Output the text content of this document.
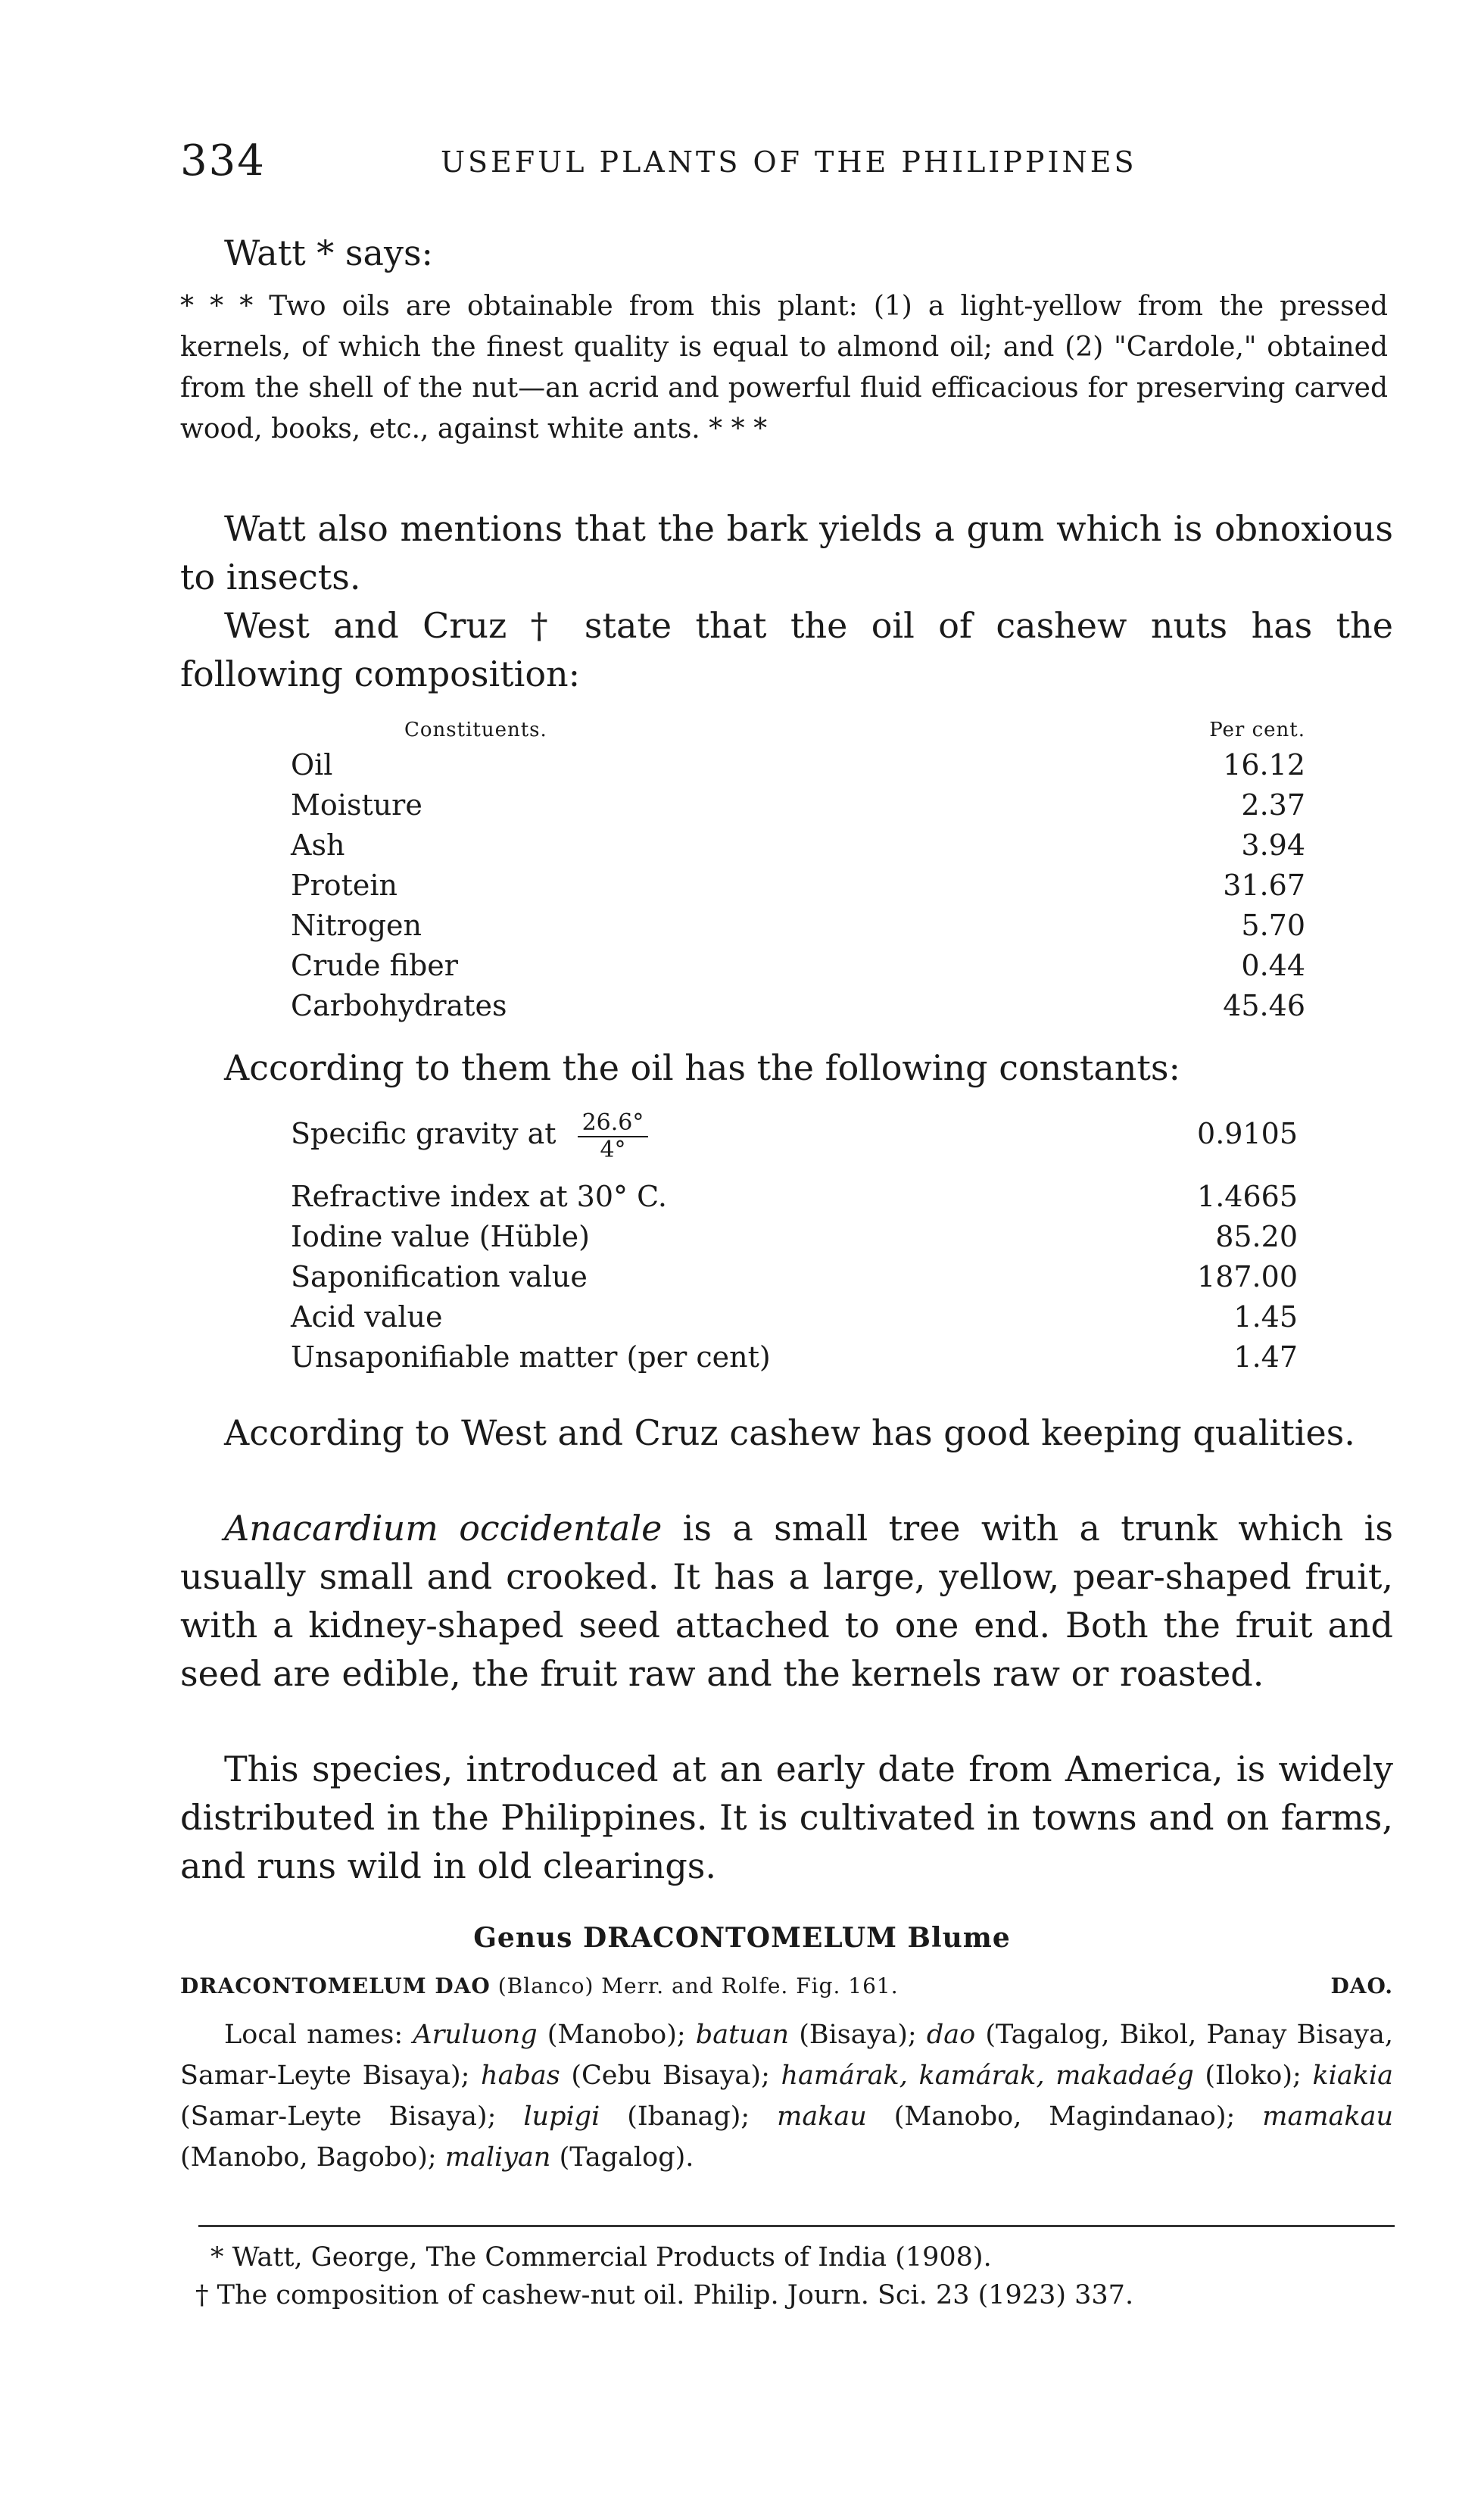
334	USEFUL PLANTS OF THE PHILIPPINES

Watt * says:

* * * Two oils are obtainable from this plant: (1) a light-yellow from the pressed kernels, of which the finest quality is equal to almond oil; and (2) "Cardole," obtained from the shell of the nut—an acrid and powerful fluid efficacious for preserving carved wood, books, etc., against white ants. * * *

Watt also mentions that the bark yields a gum which is obnoxious to insects.

West and Cruz † state that the oil of cashew nuts has the following composition:

Constituents.	Per cent.
Oil	16.12
Moisture	2.37
Ash	3.94
Protein	31.67
Nitrogen	5.70
Crude fiber	0.44
Carbohydrates	45.46

According to them the oil has the following constants:

Specific gravity at $\frac{26.6^\circ}{4^\circ}$	0.9105
Refractive index at 30° C.	1.4665
Iodine value (Hüble)	85.20
Saponification value	187.00
Acid value	1.45
Unsaponifiable matter (per cent)	1.47

According to West and Cruz cashew has good keeping qualities.

Anacardium occidentale is a small tree with a trunk which is usually small and crooked. It has a large, yellow, pear-shaped fruit, with a kidney-shaped seed attached to one end. Both the fruit and seed are edible, the fruit raw and the kernels raw or roasted.

This species, introduced at an early date from America, is widely distributed in the Philippines. It is cultivated in towns and on farms, and runs wild in old clearings.

Genus DRACONTOMELUM Blume
DRACONTOMELUM DAO (Blanco) Merr. and Rolfe. Fig. 161.	DAO.

Local names: Aruluong (Manobo); batuan (Bisaya); dao (Tagalog, Bikol, Panay Bisaya, Samar-Leyte Bisaya); habas (Cebu Bisaya); hamárak, kamárak, makadaég (Iloko); kiakia (Samar-Leyte Bisaya); lupigi (Ibanag); makau (Manobo, Magindanao); mamakau (Manobo, Bagobo); maliyan (Tagalog).

* Watt, George, The Commercial Products of India (1908).

† The composition of cashew-nut oil. Philip. Journ. Sci. 23 (1923) 337.
